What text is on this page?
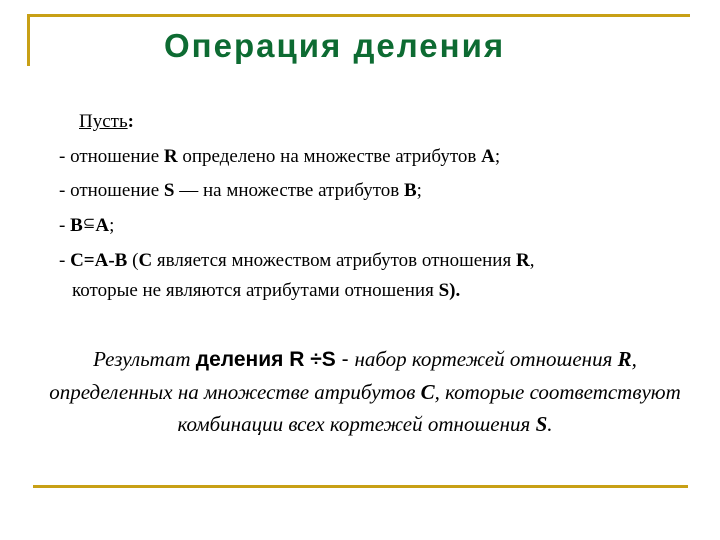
Операция деления
Пусть:
- отношение R определено на множестве атрибутов A;
- отношение S — на множестве атрибутов B;
- B⊆A;
- C=A-B (C является множеством атрибутов отношения R,
которые не являются атрибутами отношения S).
Результат деления R ÷S - набор кортежей отношения R, определенных на множестве атрибутов C, которые соответствуют комбинации всех кортежей отношения S.
